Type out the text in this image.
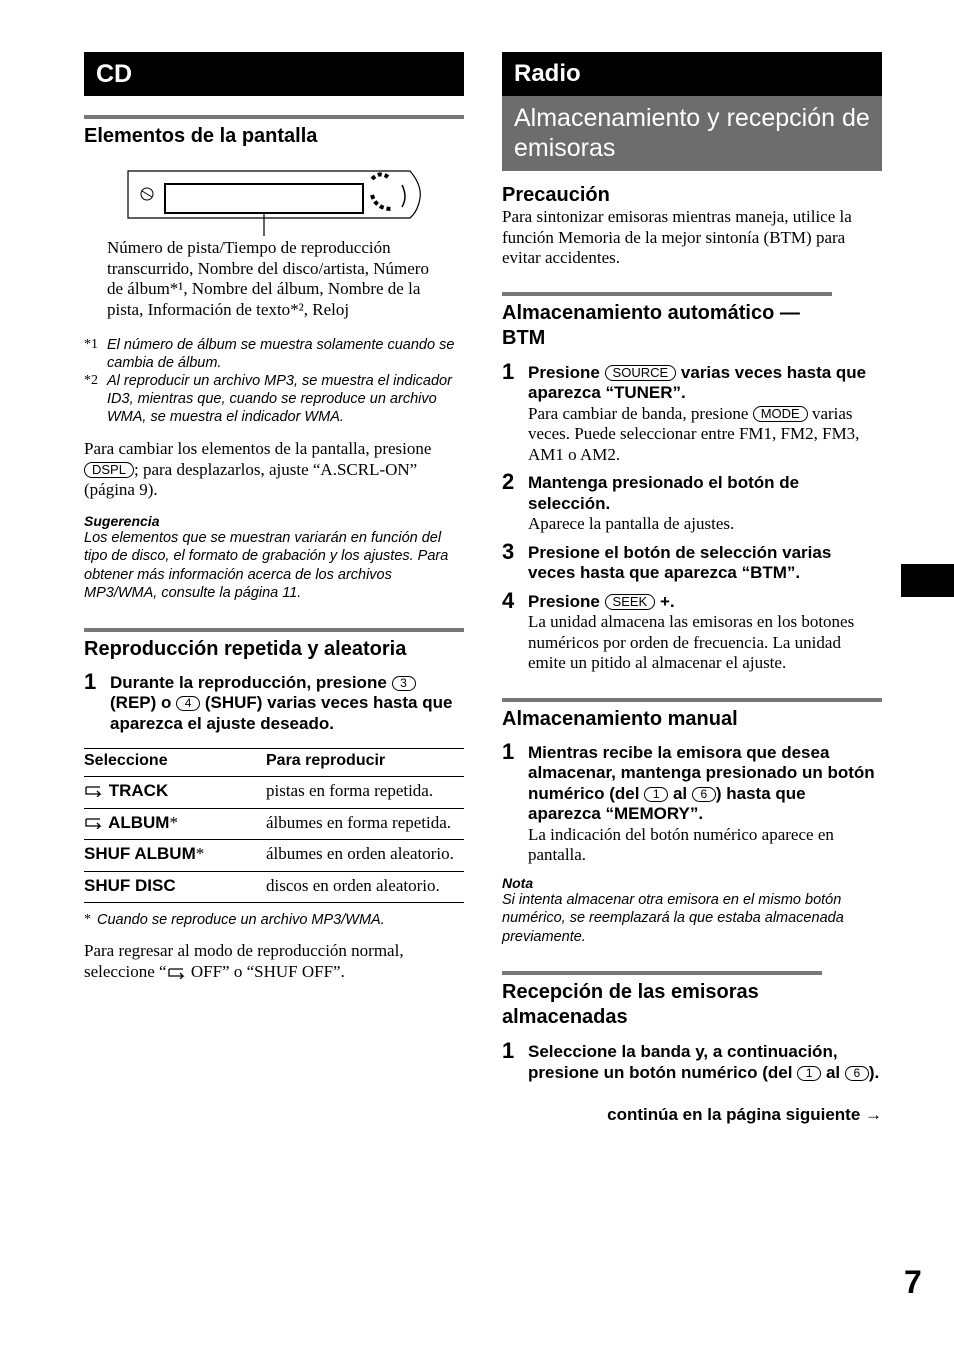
CD
Elementos de la pantalla

Número de pista/Tiempo de reproducción transcurrido, Nombre del disco/artista, Número de álbum*¹, Nombre del álbum, Nombre de la pista, Información de texto*², Reloj

*1 El número de álbum se muestra solamente cuando se cambia de álbum.
*2 Al reproducir un archivo MP3, se muestra el indicador ID3, mientras que, cuando se reproduce un archivo WMA, se muestra el indicador WMA.

Para cambiar los elementos de la pantalla, presione DSPL ; para desplazarlos, ajuste “A.SCRL-ON” (página 9).

Sugerencia
Los elementos que se muestran variarán en función del tipo de disco, el formato de grabación y los ajustes. Para obtener más información acerca de los archivos MP3/WMA, consulte la página 11.
Reproducción repetida y aleatoria
1 Durante la reproducción, presione 3 (REP) o 4 (SHUF) varias veces hasta que aparezca el ajuste deseado.
Seleccione	Para reproducir
TRACK	pistas en forma repetida.
ALBUM*	álbumes en forma repetida.
SHUF ALBUM*	álbumes en orden aleatorio.
SHUF DISC	discos en orden aleatorio.
* Cuando se reproduce un archivo MP3/WMA.

Para regresar al modo de reproducción normal, seleccione “ OFF” o “SHUF OFF”.

Radio
Almacenamiento y recepción de emisoras
Precaución

Para sintonizar emisoras mientras maneja, utilice la función Memoria de la mejor sintonía (BTM) para evitar accidentes.

Almacenamiento automático — BTM
1 Presione SOURCE varias veces hasta que aparezca “TUNER”.
Para cambiar de banda, presione MODE varias veces. Puede seleccionar entre FM1, FM2, FM3, AM1 o AM2.
2 Mantenga presionado el botón de selección.
Aparece la pantalla de ajustes.
3 Presione el botón de selección varias veces hasta que aparezca “BTM”.
4 Presione SEEK +.
La unidad almacena las emisoras en los botones numéricos por orden de frecuencia. La unidad emite un pitido al almacenar el ajuste.
Almacenamiento manual
1 Mientras recibe la emisora que desea almacenar, mantenga presionado un botón numérico (del 1 al 6 ) hasta que aparezca “MEMORY”.
La indicación del botón numérico aparece en pantalla.
Nota
Si intenta almacenar otra emisora en el mismo botón numérico, se reemplazará la que estaba almacenada previamente.
Recepción de las emisoras almacenadas
1 Seleccione la banda y, a continuación, presione un botón numérico (del 1 al 6 ).
continúa en la página siguiente →
7
